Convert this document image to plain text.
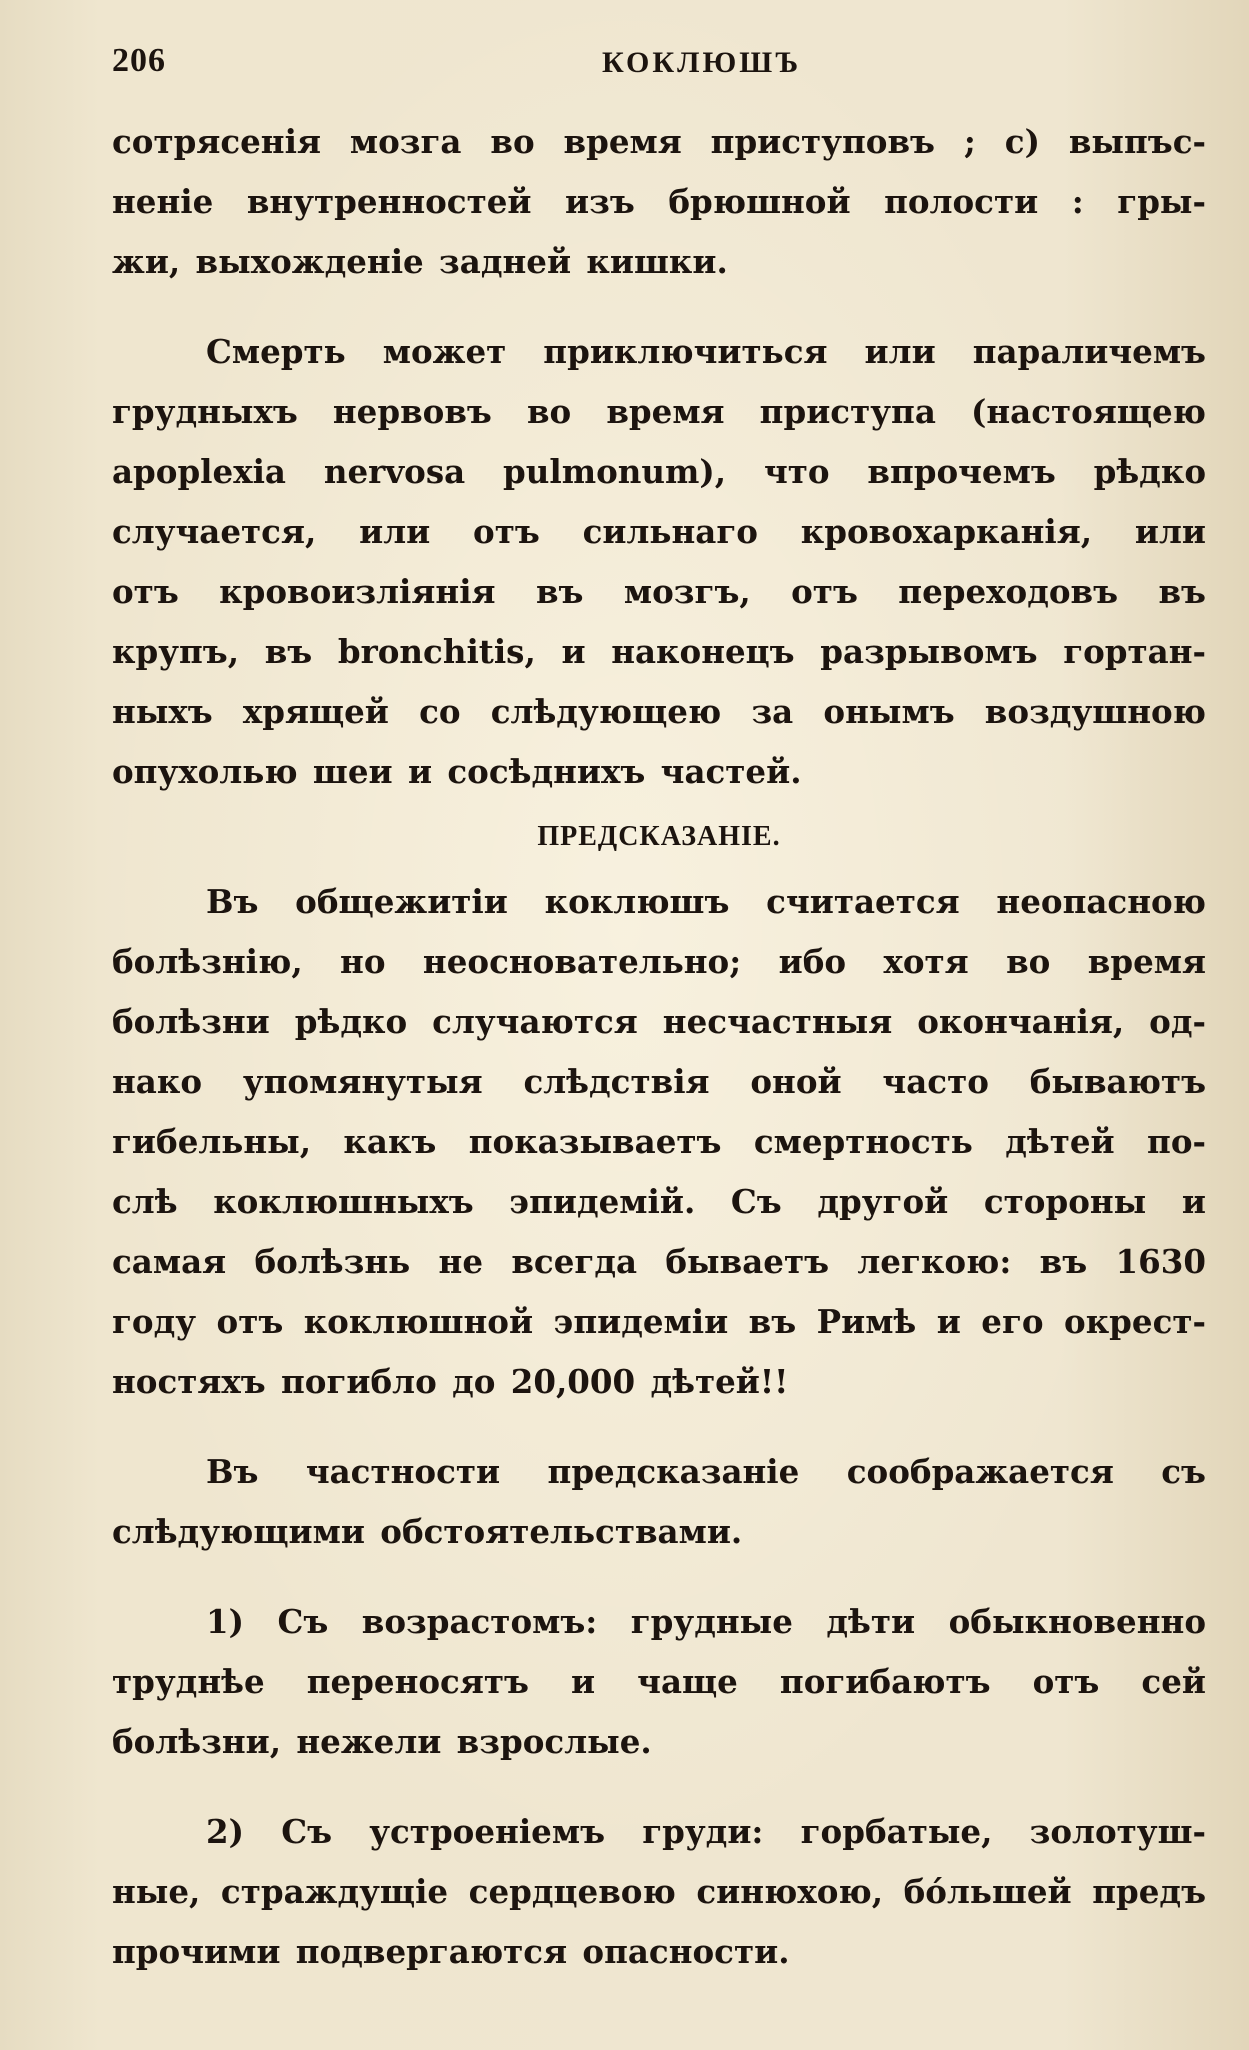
206	КОКЛЮШЪ
сотрясенія мозга во время приступовъ ; с) выпъс-
неніе внутренностей изъ брюшной полости : гры-
жи, выхожденіе задней кишки.
Смерть может приключиться или параличемъ
грудныхъ нервовъ во время приступа (настоящею
apoplexia nervosa pulmonum), что впрочемъ рѣдко
случается, или отъ сильнаго кровохарканія, или
отъ кровоизліянія въ мозгъ, отъ переходовъ въ
крупъ, въ bronchitis, и наконецъ разрывомъ гортан-
ныхъ хрящей со слѣдующею за онымъ воздушною
опухолью шеи и сосѣднихъ частей.
ПРЕДСКАЗАНІЕ.
Въ общежитіи коклюшъ считается неопасною
болѣзнію, но неосновательно; ибо хотя во время
болѣзни рѣдко случаются несчастныя окончанія, од-
нако упомянутыя слѣдствія оной часто бываютъ
гибельны, какъ показываетъ смертность дѣтей по-
слѣ коклюшныхъ эпидемій. Съ другой стороны и
самая болѣзнь не всегда бываетъ легкою: въ 1630
году отъ коклюшной эпидеміи въ Римѣ и его окрест-
ностяхъ погибло до 20,000 дѣтей!!
Въ частности предсказаніе соображается съ
слѣдующими обстоятельствами.
1) Съ возрастомъ: грудные дѣти обыкновенно
труднѣе переносятъ и чаще погибаютъ отъ сей
болѣзни, нежели взрослые.
2) Съ устроеніемъ груди: горбатые, золотуш-
ные, страждущіе сердцевою синюхою, бо́льшей предъ
прочими подвергаются опасности.
